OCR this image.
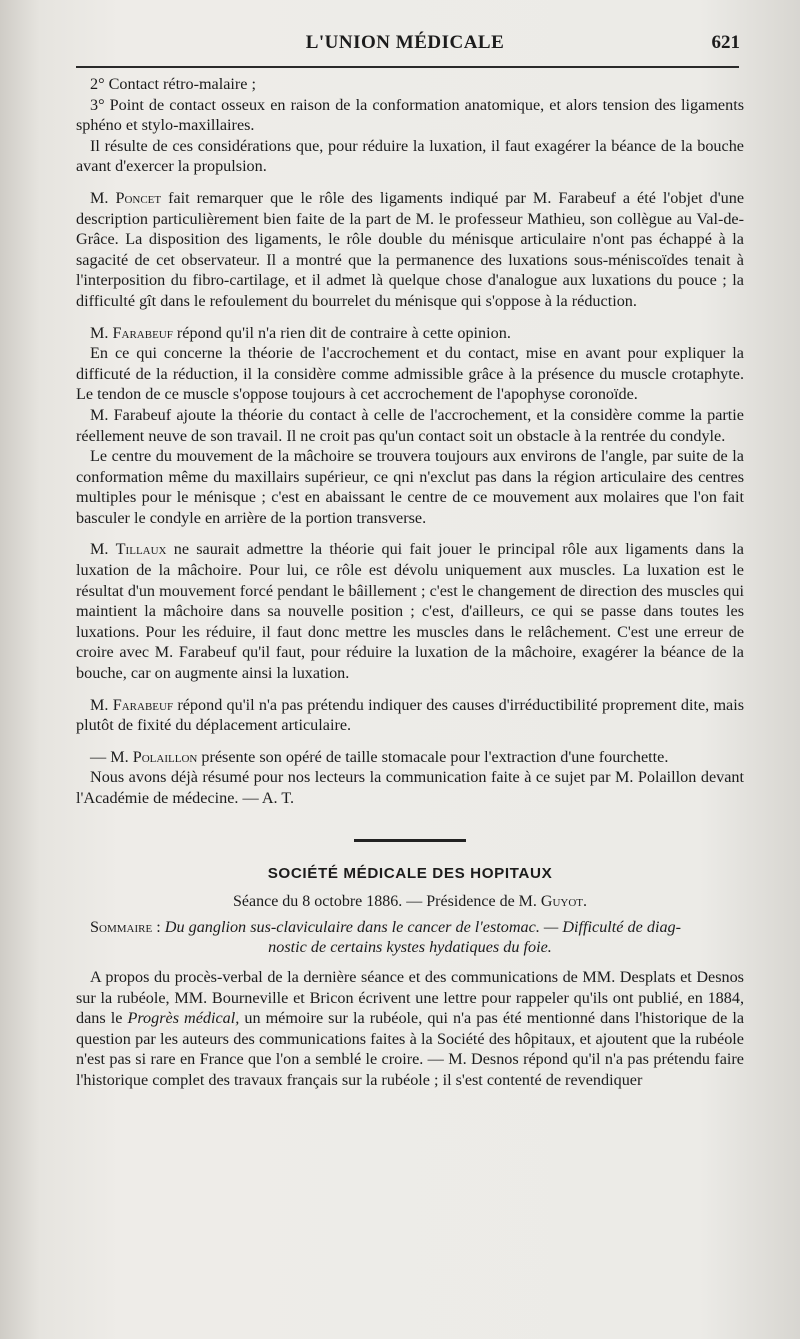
L'UNION MÉDICALE	621

2° Contact rétro-malaire ;

3° Point de contact osseux en raison de la conformation anatomique, et alors tension des ligaments sphéno et stylo-maxillaires.

Il résulte de ces considérations que, pour réduire la luxation, il faut exagérer la béance de la bouche avant d'exercer la propulsion.

M. Poncet fait remarquer que le rôle des ligaments indiqué par M. Farabeuf a été l'objet d'une description particulièrement bien faite de la part de M. le professeur Mathieu, son collègue au Val-de-Grâce. La disposition des ligaments, le rôle double du ménisque articulaire n'ont pas échappé à la sagacité de cet observateur. Il a montré que la permanence des luxations sous-méniscoïdes tenait à l'interposition du fibro-cartilage, et il admet là quelque chose d'analogue aux luxations du pouce ; la difficulté gît dans le refoulement du bourrelet du ménisque qui s'oppose à la réduction.

M. Farabeuf répond qu'il n'a rien dit de contraire à cette opinion.

En ce qui concerne la théorie de l'accrochement et du contact, mise en avant pour expliquer la difficuté de la réduction, il la considère comme admissible grâce à la présence du muscle crotaphyte. Le tendon de ce muscle s'oppose toujours à cet accrochement de l'apophyse coronoïde.

M. Farabeuf ajoute la théorie du contact à celle de l'accrochement, et la considère comme la partie réellement neuve de son travail. Il ne croit pas qu'un contact soit un obstacle à la rentrée du condyle.

Le centre du mouvement de la mâchoire se trouvera toujours aux environs de l'angle, par suite de la conformation même du maxillairs supérieur, ce qni n'exclut pas dans la région articulaire des centres multiples pour le ménisque ; c'est en abaissant le centre de ce mouvement aux molaires que l'on fait basculer le condyle en arrière de la portion transverse.

M. Tillaux ne saurait admettre la théorie qui fait jouer le principal rôle aux ligaments dans la luxation de la mâchoire. Pour lui, ce rôle est dévolu uniquement aux muscles. La luxation est le résultat d'un mouvement forcé pendant le bâillement ; c'est le changement de direction des muscles qui maintient la mâchoire dans sa nouvelle position ; c'est, d'ailleurs, ce qui se passe dans toutes les luxations. Pour les réduire, il faut donc mettre les muscles dans le relâchement. C'est une erreur de croire avec M. Farabeuf qu'il faut, pour réduire la luxation de la mâchoire, exagérer la béance de la bouche, car on augmente ainsi la luxation.

M. Farabeuf répond qu'il n'a pas prétendu indiquer des causes d'irréductibilité proprement dite, mais plutôt de fixité du déplacement articulaire.

— M. Polaillon présente son opéré de taille stomacale pour l'extraction d'une fourchette.

Nous avons déjà résumé pour nos lecteurs la communication faite à ce sujet par M. Polaillon devant l'Académie de médecine. — A. T.

SOCIÉTÉ MÉDICALE DES HOPITAUX
Séance du 8 octobre 1886. — Présidence de M. Guyot.

Sommaire : Du ganglion sus-claviculaire dans le cancer de l'estomac. — Difficulté de diag-

nostic de certains kystes hydatiques du foie.

A propos du procès-verbal de la dernière séance et des communications de MM. Desplats et Desnos sur la rubéole, MM. Bourneville et Bricon écrivent une lettre pour rappeler qu'ils ont publié, en 1884, dans le Progrès médical, un mémoire sur la rubéole, qui n'a pas été mentionné dans l'historique de la question par les auteurs des communications faites à la Société des hôpitaux, et ajoutent que la rubéole n'est pas si rare en France que l'on a semblé le croire. — M. Desnos répond qu'il n'a pas prétendu faire l'historique complet des travaux français sur la rubéole ; il s'est contenté de revendiquer
